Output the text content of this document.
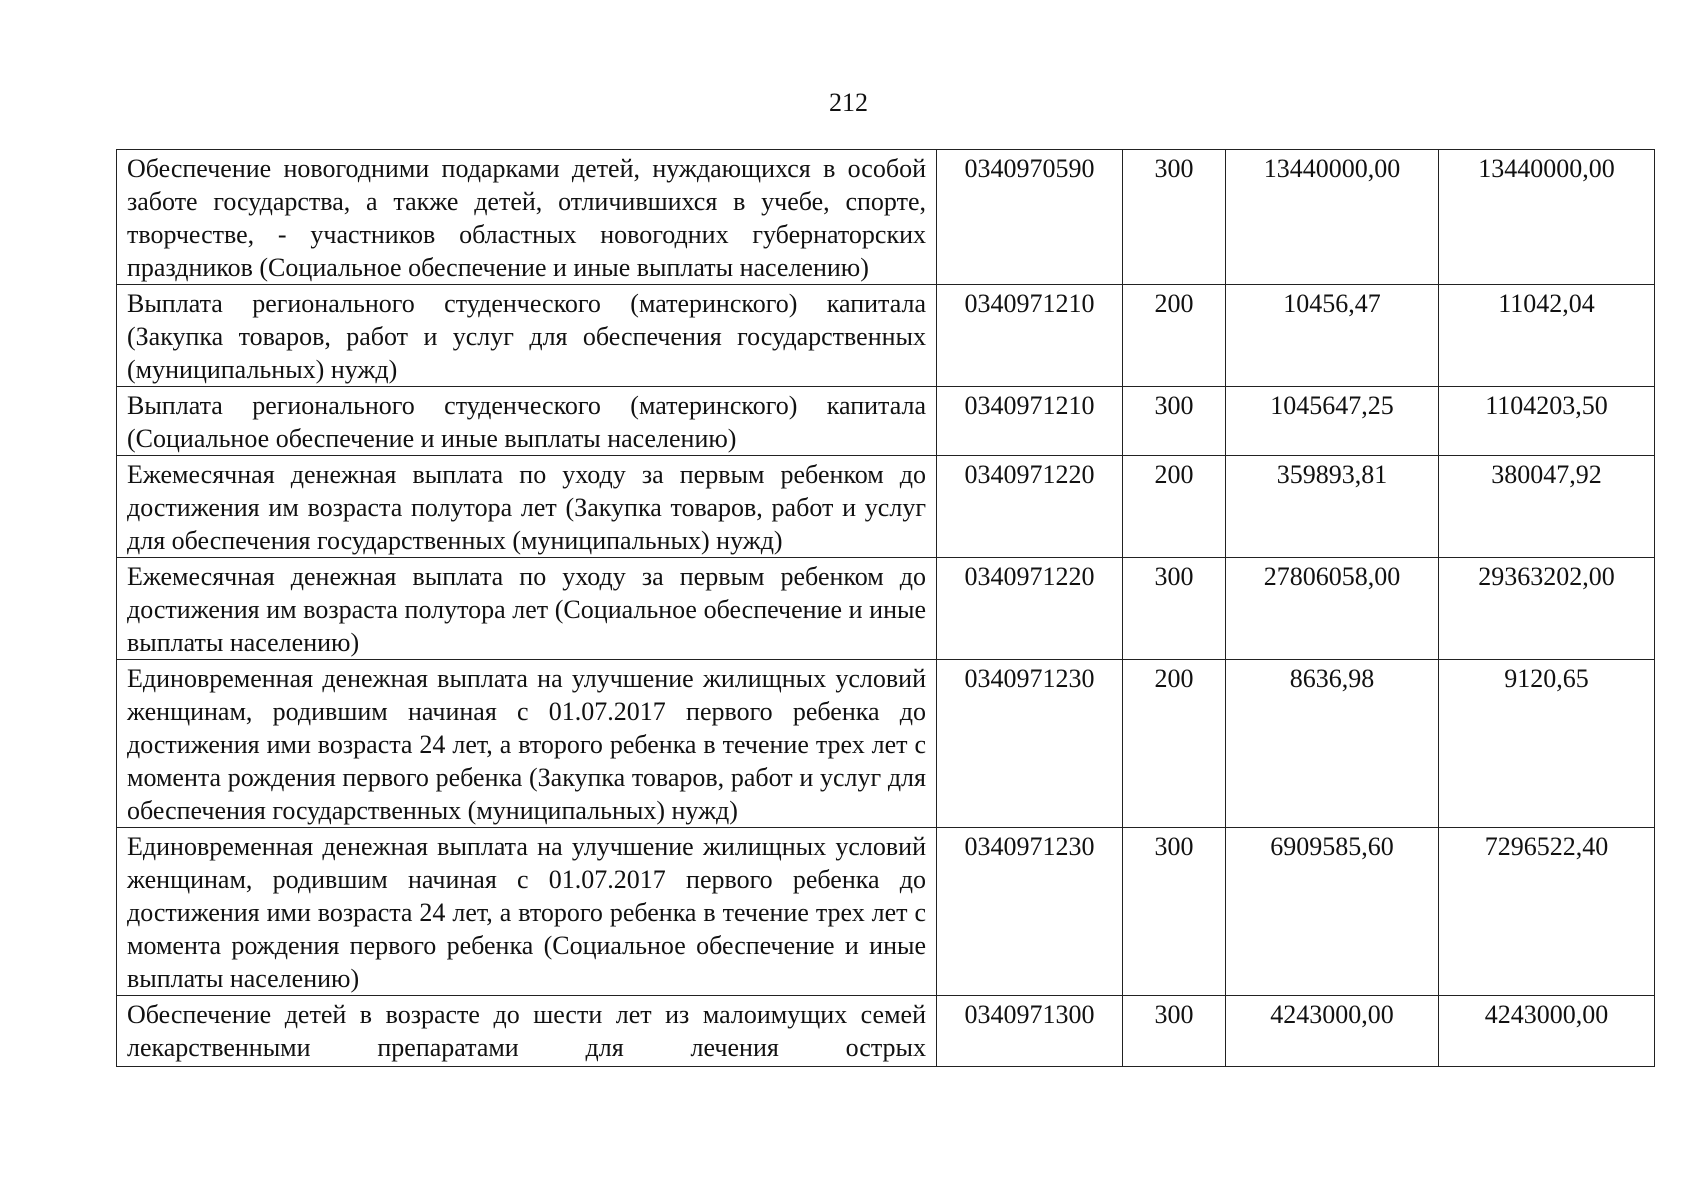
212
Обеспечение новогодними подарками детей, нуждающихся в особой заботе государства, а также детей, отличившихся в учебе, спорте, творчестве, - участников областных новогодних губернаторских праздников (Социальное обеспечение и иные выплаты населению)	0340970590	300	13440000,00	13440000,00
Выплата регионального студенческого (материнского) капитала (Закупка товаров, работ и услуг для обеспечения государственных (муниципальных) нужд)	0340971210	200	10456,47	11042,04
Выплата регионального студенческого (материнского) капитала (Социальное обеспечение и иные выплаты населению)	0340971210	300	1045647,25	1104203,50
Ежемесячная денежная выплата по уходу за первым ребенком до достижения им возраста полутора лет (Закупка товаров, работ и услуг для обеспечения государственных (муниципальных) нужд)	0340971220	200	359893,81	380047,92
Ежемесячная денежная выплата по уходу за первым ребенком до достижения им возраста полутора лет (Социальное обеспечение и иные выплаты населению)	0340971220	300	27806058,00	29363202,00
Единовременная денежная выплата на улучшение жилищных условий женщинам, родившим начиная с 01.07.2017 первого ребенка до достижения ими возраста 24 лет, а второго ребенка в течение трех лет с момента рождения первого ребенка (Закупка товаров, работ и услуг для обеспечения государственных (муниципальных) нужд)	0340971230	200	8636,98	9120,65
Единовременная денежная выплата на улучшение жилищных условий женщинам, родившим начиная с 01.07.2017 первого ребенка до достижения ими возраста 24 лет, а второго ребенка в течение трех лет с момента рождения первого ребенка (Социальное обеспечение и иные выплаты населению)	0340971230	300	6909585,60	7296522,40

Обеспечение детей в возрасте до шести лет из малоимущих семей лекарственными препаратами для лечения острых	0340971300	300	4243000,00	4243000,00
